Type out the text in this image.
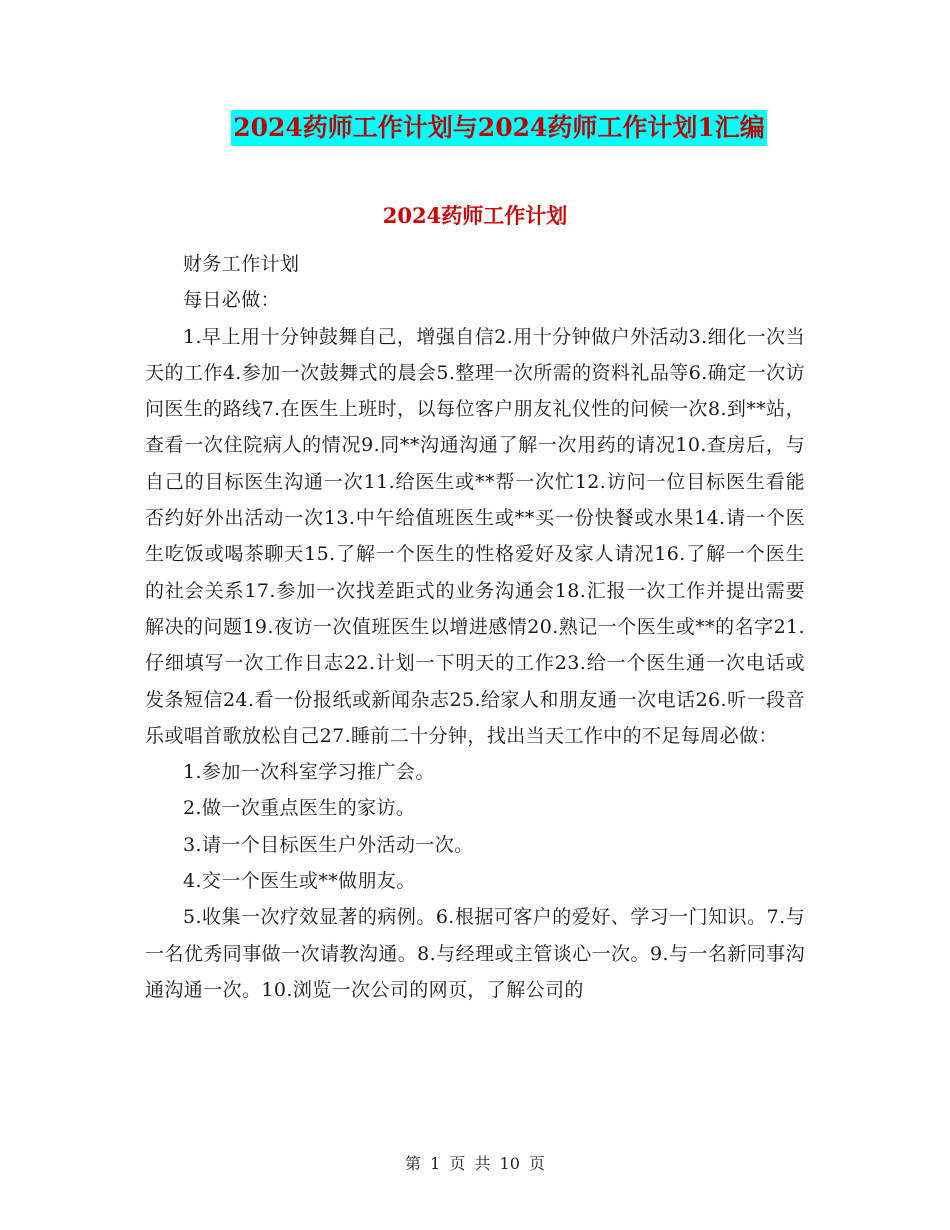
2024药师工作计划与2024药师工作计划1汇编
2024药师工作计划

财务工作计划

每日必做：

1.早上用十分钟鼓舞自己，增强自信2.用十分钟做户外活动3.细化一次当天的工作4.参加一次鼓舞式的晨会5.整理一次所需的资料礼品等6.确定一次访问医生的路线7.在医生上班时，以每位客户朋友礼仪性的问候一次8.到**站，查看一次住院病人的情况9.同**沟通沟通了解一次用药的请况10.查房后，与自己的目标医生沟通一次11.给医生或**帮一次忙12.访问一位目标医生看能否约好外出活动一次13.中午给值班医生或**买一份快餐或水果14.请一个医生吃饭或喝茶聊天15.了解一个医生的性格爱好及家人请况16.了解一个医生的社会关系17.参加一次找差距式的业务沟通会18.汇报一次工作并提出需要解决的问题19.夜访一次值班医生以增进感情20.熟记一个医生或**的名字21.仔细填写一次工作日志22.计划一下明天的工作23.给一个医生通一次电话或发条短信24.看一份报纸或新闻杂志25.给家人和朋友通一次电话26.听一段音乐或唱首歌放松自己27.睡前二十分钟，找出当天工作中的不足每周必做：

1.参加一次科室学习推广会。

2.做一次重点医生的家访。

3.请一个目标医生户外活动一次。

4.交一个医生或**做朋友。

5.收集一次疗效显著的病例。6.根据可客户的爱好、学习一门知识。7.与一名优秀同事做一次请教沟通。8.与经理或主管谈心一次。9.与一名新同事沟通沟通一次。10.浏览一次公司的网页，了解公司的

第 1 页 共 10 页
